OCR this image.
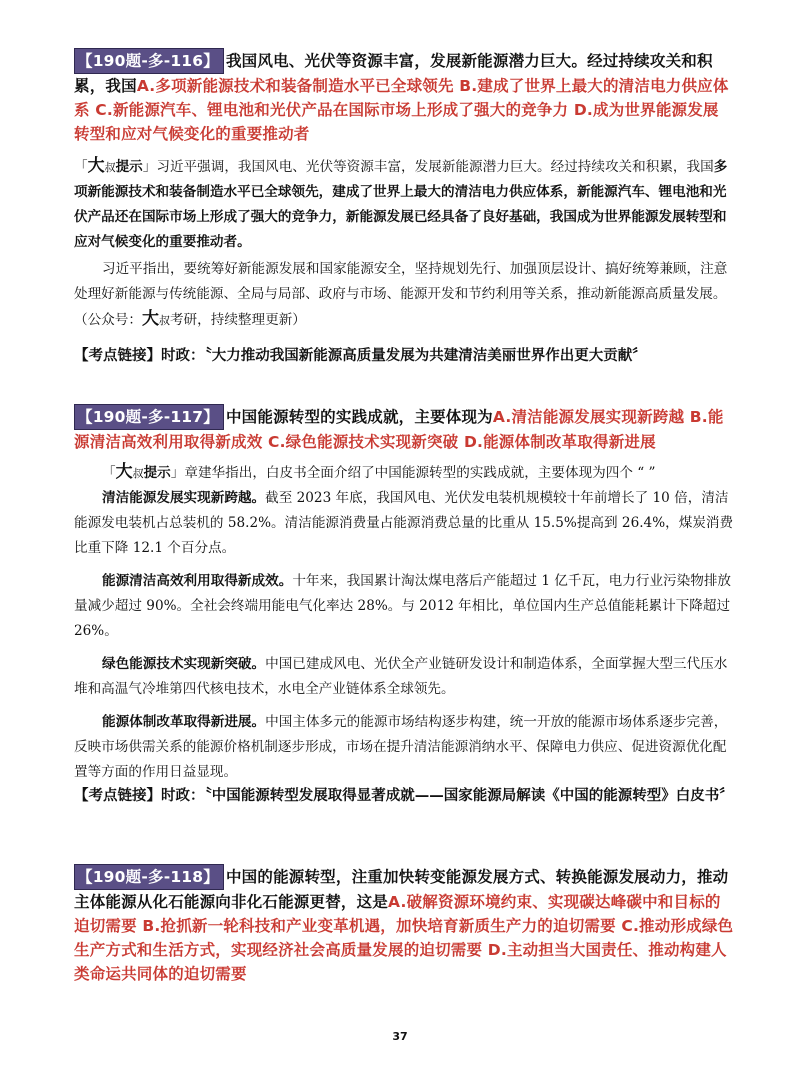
【190题-多-116】 我国风电、光伏等资源丰富，发展新能源潜力巨大。经过持续攻关和积累，我国A.多项新能源技术和装备制造水平已全球领先 B.建成了世界上最大的清洁电力供应体系 C.新能源汽车、锂电池和光伏产品在国际市场上形成了强大的竞争力 D.成为世界能源发展转型和应对气候变化的重要推动者

「大叔提示」习近平强调，我国风电、光伏等资源丰富，发展新能源潜力巨大。经过持续攻关和积累，我国多项新能源技术和装备制造水平已全球领先，建成了世界上最大的清洁电力供应体系，新能源汽车、锂电池和光伏产品还在国际市场上形成了强大的竞争力，新能源发展已经具备了良好基础，我国成为世界能源发展转型和应对气候变化的重要推动者。

习近平指出，要统筹好新能源发展和国家能源安全，坚持规划先行、加强顶层设计、搞好统筹兼顾，注意处理好新能源与传统能源、全局与局部、政府与市场、能源开发和节约利用等关系，推动新能源高质量发展。（公众号：大叔考研，持续整理更新）

【考点链接】时政：〝大力推动我国新能源高质量发展为共建清洁美丽世界作出更大贡献〞
【190题-多-117】 中国能源转型的实践成就，主要体现为A.清洁能源发展实现新跨越 B.能源清洁高效利用取得新成效 C.绿色能源技术实现新突破 D.能源体制改革取得新进展

「大叔提示」章建华指出，白皮书全面介绍了中国能源转型的实践成就，主要体现为四个 “ ”

清洁能源发展实现新跨越。截至 2023 年底，我国风电、光伏发电装机规模较十年前增长了 10 倍，清洁能源发电装机占总装机的 58.2%。清洁能源消费量占能源消费总量的比重从 15.5%提高到 26.4%，煤炭消费比重下降 12.1 个百分点。

能源清洁高效利用取得新成效。十年来，我国累计淘汰煤电落后产能超过 1 亿千瓦，电力行业污染物排放量减少超过 90%。全社会终端用能电气化率达 28%。与 2012 年相比，单位国内生产总值能耗累计下降超过 26%。

绿色能源技术实现新突破。中国已建成风电、光伏全产业链研发设计和制造体系，全面掌握大型三代压水堆和高温气冷堆第四代核电技术，水电全产业链体系全球领先。

能源体制改革取得新进展。中国主体多元的能源市场结构逐步构建，统一开放的能源市场体系逐步完善，反映市场供需关系的能源价格机制逐步形成，市场在提升清洁能源消纳水平、保障电力供应、促进资源优化配置等方面的作用日益显现。

【考点链接】时政：〝中国能源转型发展取得显著成就——国家能源局解读《中国的能源转型》白皮书〞
【190题-多-118】 中国的能源转型，注重加快转变能源发展方式、转换能源发展动力，推动主体能源从化石能源向非化石能源更替，这是A.破解资源环境约束、实现碳达峰碳中和目标的迫切需要 B.抢抓新一轮科技和产业变革机遇，加快培育新质生产力的迫切需要 C.推动形成绿色生产方式和生活方式，实现经济社会高质量发展的迫切需要 D.主动担当大国责任、推动构建人类命运共同体的迫切需要
37
